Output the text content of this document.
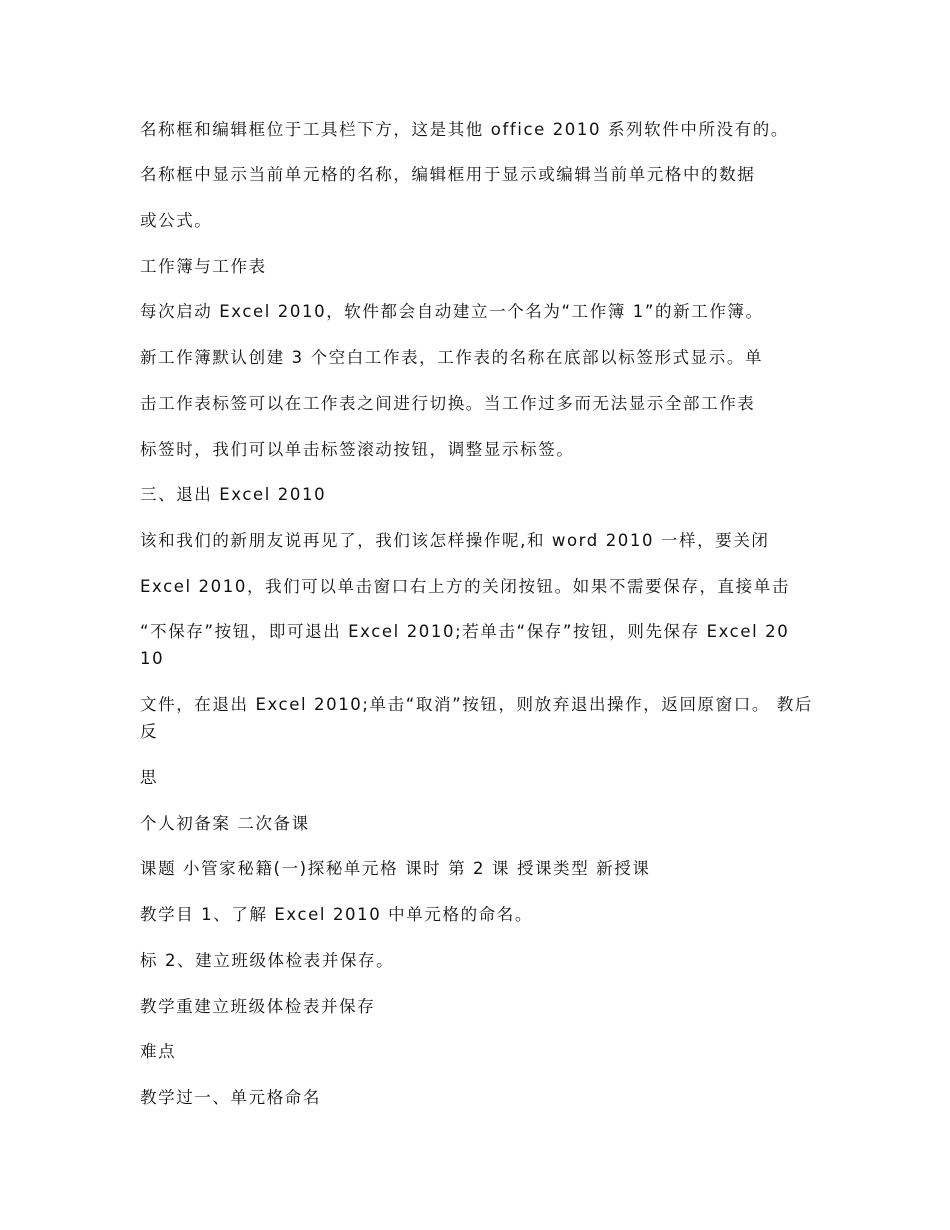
名称框和编辑框位于工具栏下方，这是其他 office 2010 系列软件中所没有的。
名称框中显示当前单元格的名称，编辑框用于显示或编辑当前单元格中的数据
或公式。
工作簿与工作表
每次启动 Excel 2010，软件都会自动建立一个名为“工作簿 1”的新工作簿。
新工作簿默认创建 3 个空白工作表，工作表的名称在底部以标签形式显示。单
击工作表标签可以在工作表之间进行切换。当工作过多而无法显示全部工作表
标签时，我们可以单击标签滚动按钮，调整显示标签。
三、退出 Excel 2010
该和我们的新朋友说再见了，我们该怎样操作呢,和 word 2010 一样，要关闭
Excel 2010，我们可以单击窗口右上方的关闭按钮。如果不需要保存，直接单击
“不保存”按钮，即可退出 Excel 2010;若单击“保存”按钮，则先保存 Excel 2010
文件，在退出 Excel 2010;单击“取消”按钮，则放弃退出操作，返回原窗口。 教后反
思
个人初备案 二次备课
课题 小管家秘籍(一)探秘单元格 课时 第 2 课 授课类型 新授课
教学目 1、了解 Excel 2010 中单元格的命名。
标 2、建立班级体检表并保存。
教学重建立班级体检表并保存
难点
教学过一、单元格命名
